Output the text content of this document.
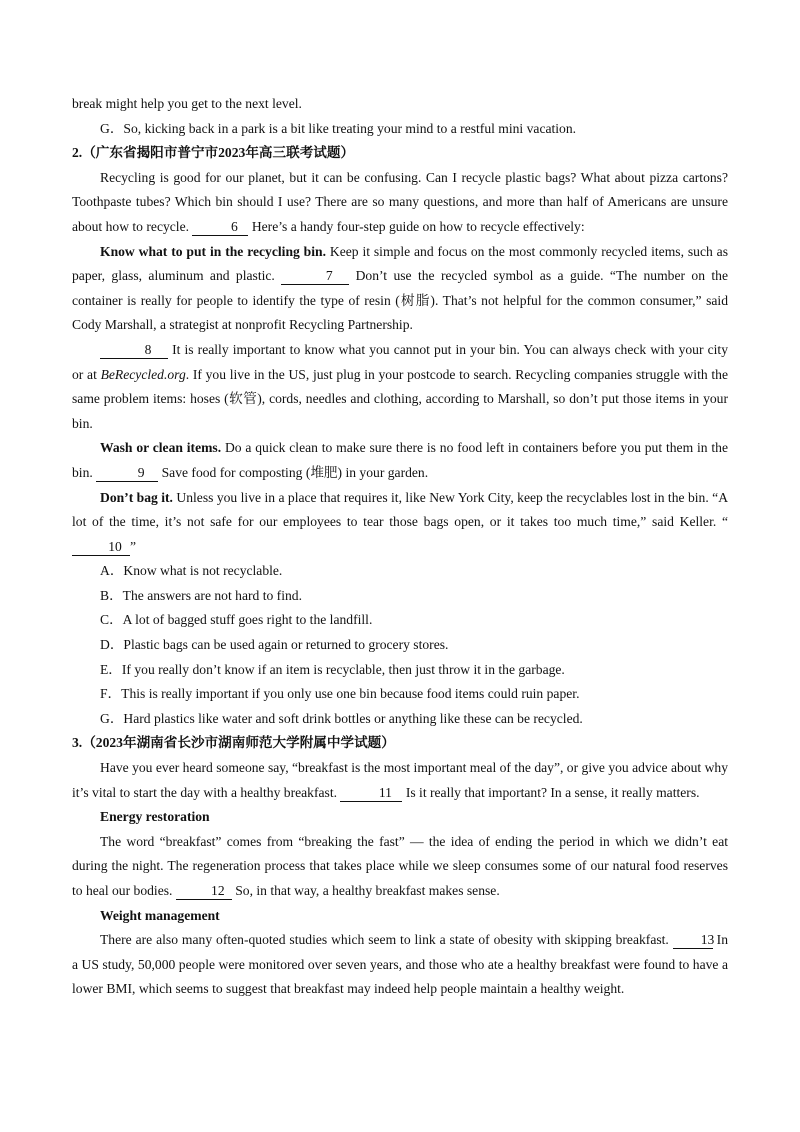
break might help you get to the next level.

G．So, kicking back in a park is a bit like treating your mind to a restful mini vacation.

2.（广东省揭阳市普宁市2023年高三联考试题）

Recycling is good for our planet, but it can be confusing. Can I recycle plastic bags? What about pizza cartons? Toothpaste tubes? Which bin should I use? There are so many questions, and more than half of Americans are unsure about how to recycle.	6 Here’s a handy four-step guide on how to recycle effectively:

Know what to put in the recycling bin. Keep it simple and focus on the most commonly recycled items, such as paper, glass, aluminum and plastic.	7 Don’t use the recycled symbol as a guide. “The number on the container is really for people to identify the type of resin (树脂). That’s not helpful for the common consumer,” said Cody Marshall, a strategist at nonprofit Recycling Partnership.

8 It is really important to know what you cannot put in your bin. You can always check with your city or at BeRecycled.org. If you live in the US, just plug in your postcode to search. Recycling companies struggle with the same problem items: hoses (软管), cords, needles and clothing, according to Marshall, so don’t put those items in your bin.

Wash or clean items. Do a quick clean to make sure there is no food left in containers before you put them in the bin.	9 Save food for composting (堆肥) in your garden.

Don’t bag it. Unless you live in a place that requires it, like New York City, keep the recyclables lost in the bin. “A lot of the time, it’s not safe for our employees to tear those bags open, or it takes too much time,” said Keller. “10 ”

A．Know what is not recyclable.

B．The answers are not hard to find.

C．A lot of bagged stuff goes right to the landfill.

D．Plastic bags can be used again or returned to grocery stores.

E．If you really don’t know if an item is recyclable, then just throw it in the garbage.

F．This is really important if you only use one bin because food items could ruin paper.

G．Hard plastics like water and soft drink bottles or anything like these can be recycled.

3.（2023年湖南省长沙市湖南师范大学附属中学试题）

Have you ever heard someone say, “breakfast is the most important meal of the day”, or give you advice about why it’s vital to start the day with a healthy breakfast.	11 Is it really that important? In a sense, it really matters.

Energy restoration

The word “breakfast” comes from “breaking the fast” — the idea of ending the period in which we didn’t eat during the night. The regeneration process that takes place while we sleep consumes some of our natural food reserves to heal our bodies.	12 So, in that way, a healthy breakfast makes sense.

Weight management

There are also many often-quoted studies which seem to link a state of obesity with skipping breakfast. 13 In a US study, 50,000 people were monitored over seven years, and those who ate a healthy breakfast were found to have a lower BMI, which seems to suggest that breakfast may indeed help people maintain a healthy weight.
